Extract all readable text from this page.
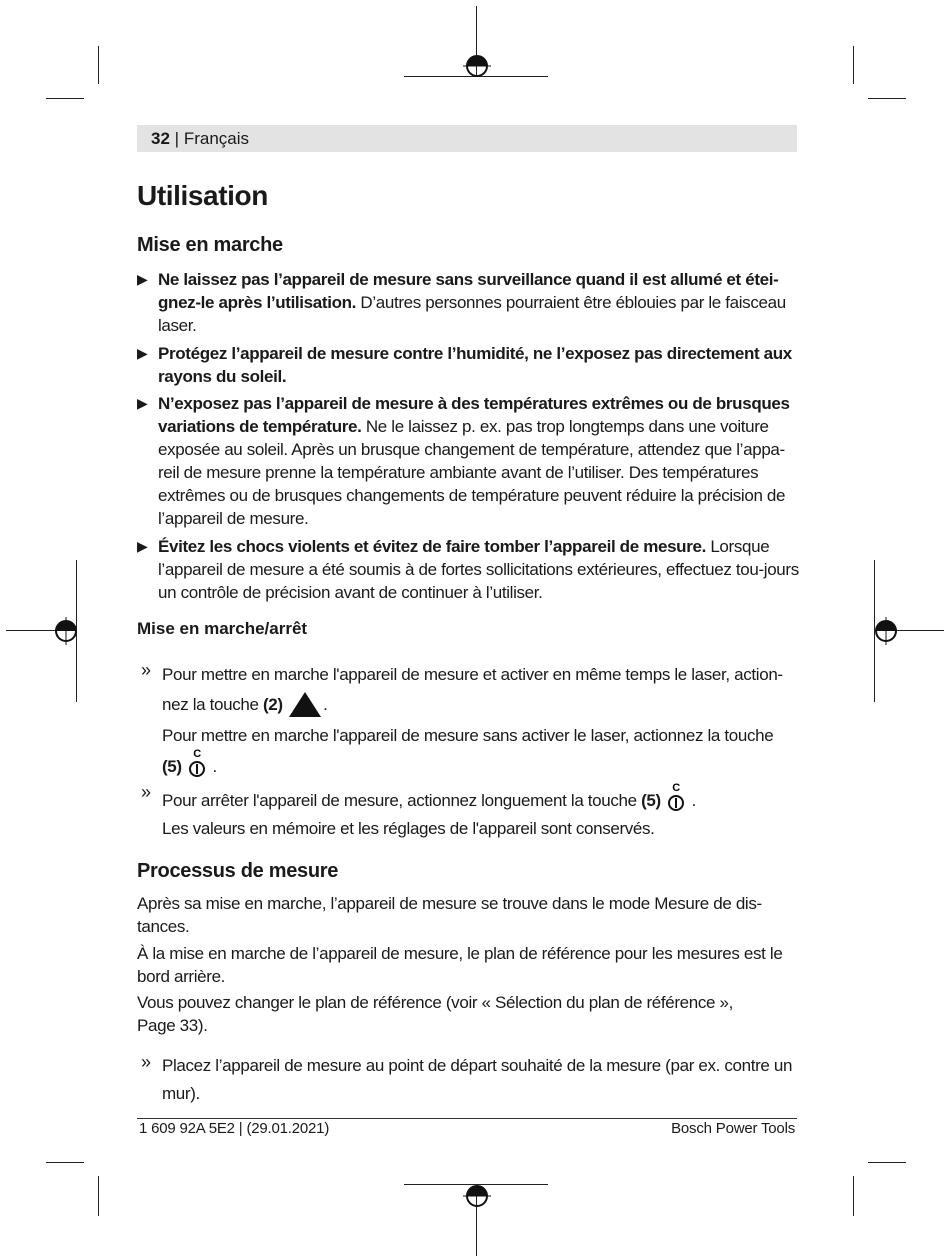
32 | Français
Utilisation
Mise en marche
▶ Ne laissez pas l’appareil de mesure sans surveillance quand il est allumé et étei-gnez-le après l’utilisation. D’autres personnes pourraient être éblouies par le faisceau laser.
▶ Protégez l’appareil de mesure contre l’humidité, ne l’exposez pas directement aux rayons du soleil.
▶ N’exposez pas l’appareil de mesure à des températures extrêmes ou de brusques variations de température. Ne le laissez p. ex. pas trop longtemps dans une voiture exposée au soleil. Après un brusque changement de température, attendez que l’appa-reil de mesure prenne la température ambiante avant de l’utiliser. Des températures extrêmes ou de brusques changements de température peuvent réduire la précision de l’appareil de mesure.
▶ Évitez les chocs violents et évitez de faire tomber l’appareil de mesure. Lorsque l’appareil de mesure a été soumis à de fortes sollicitations extérieures, effectuez tou-jours un contrôle de précision avant de continuer à l’utiliser.
Mise en marche/arrêt
» Pour mettre en marche l'appareil de mesure et activer en même temps le laser, action-nez la touche (2) .
Pour mettre en marche l'appareil de mesure sans activer le laser, actionnez la touche
(5)
C
.
» Pour arrêter l'appareil de mesure, actionnez longuement la touche (5)
C
.
Les valeurs en mémoire et les réglages de l'appareil sont conservés.
Processus de mesure

Après sa mise en marche, l’appareil de mesure se trouve dans le mode Mesure de dis-tances.

À la mise en marche de l’appareil de mesure, le plan de référence pour les mesures est le bord arrière.

Vous pouvez changer le plan de référence (voir « Sélection du plan de référence », Page 33).

» Placez l’appareil de mesure au point de départ souhaité de la mesure (par ex. contre un mur).
1 609 92A 5E2 | (29.01.2021)	Bosch Power Tools
